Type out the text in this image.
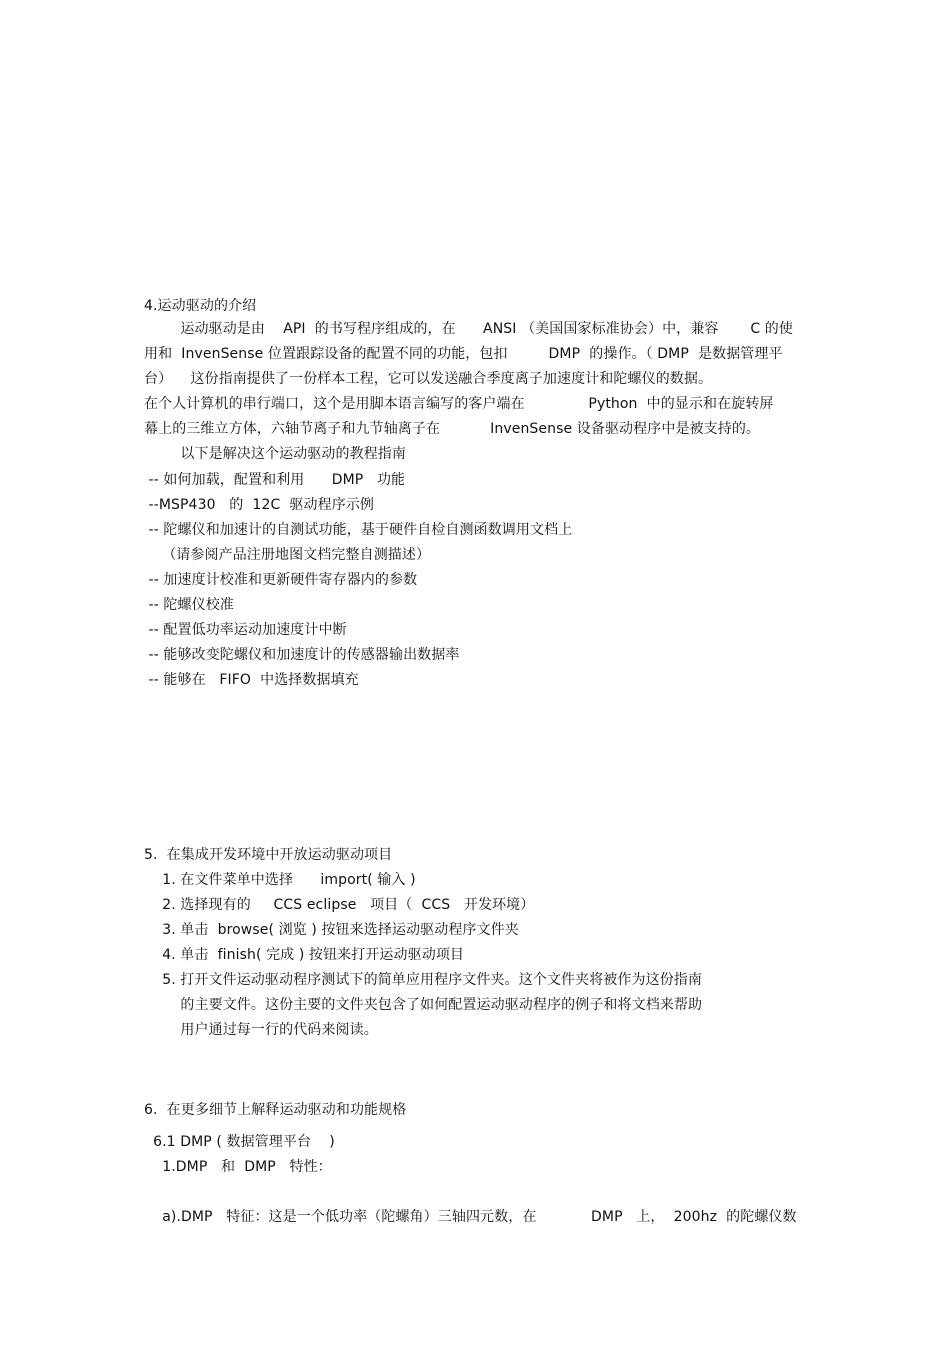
4.运动驱动的介绍
运动驱动是由    API  的书写程序组成的，在      ANSI （美国国家标准协会）中，兼容       C 的使
用和  InvenSense 位置跟踪设备的配置不同的功能，包扣         DMP  的操作。（ DMP  是数据管理平
台）    这份指南提供了一份样本工程，它可以发送融合季度离子加速度计和陀螺仪的数据。
在个人计算机的串行端口，这个是用脚本语言编写的客户端在              Python  中的显示和在旋转屏
幕上的三维立方体，六轴节离子和九节轴离子在           InvenSense 设备驱动程序中是被支持的。
以下是解决这个运动驱动的教程指南
-- 如何加载，配置和利用      DMP   功能
--MSP430   的  12C  驱动程序示例
-- 陀螺仪和加速计的自测试功能，基于硬件自检自测函数调用文档上
（请参阅产品注册地图文档完整自测描述）
-- 加速度计校准和更新硬件寄存器内的参数
-- 陀螺仪校准
-- 配置低功率运动加速度计中断
-- 能够改变陀螺仪和加速度计的传感器输出数据率
-- 能够在   FIFO  中选择数据填充
5.  在集成开发环境中开放运动驱动项目
1. 在文件菜单中选择      import( 输入 )
2. 选择现有的     CCS eclipse   项目（  CCS   开发环境）
3. 单击  browse( 浏览 ) 按钮来选择运动驱动程序文件夹
4. 单击  finish( 完成 ) 按钮来打开运动驱动项目
5. 打开文件运动驱动程序测试下的简单应用程序文件夹。这个文件夹将被作为这份指南
的主要文件。这份主要的文件夹包含了如何配置运动驱动程序的例子和将文档来帮助
用户通过每一行的代码来阅读。
6.  在更多细节上解释运动驱动和功能规格
6.1 DMP ( 数据管理平台    )
1.DMP   和  DMP   特性：
a).DMP   特征：这是一个低功率（陀螺角）三轴四元数，在            DMP   上，  200hz  的陀螺仪数
